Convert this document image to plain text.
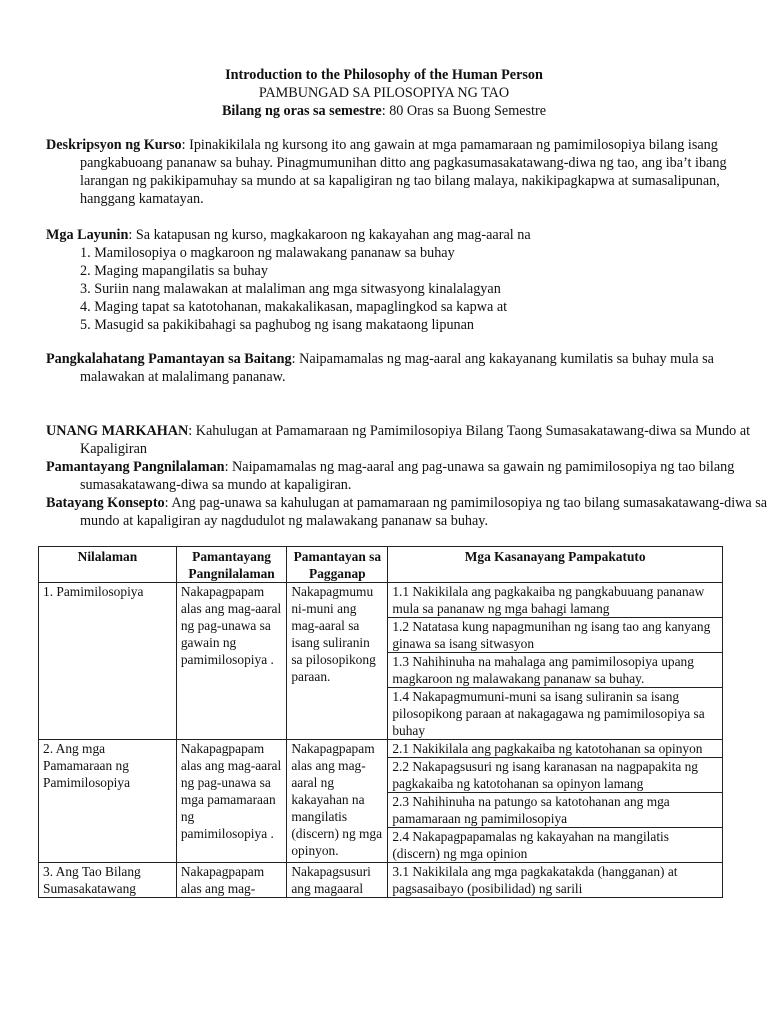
Introduction to the Philosophy of the Human Person
PAMBUNGAD SA PILOSOPIYA NG TAO
Bilang ng oras sa semestre: 80 Oras sa Buong Semestre
Deskripsyon ng Kurso: Ipinakikilala ng kursong ito ang gawain at mga pamamaraan ng pamimilosopiya bilang isang pangkabuoang pananaw sa buhay. Pinagmumunihan ditto ang pagkasumasakatawang-diwa ng tao, ang iba’t ibang larangan ng pakikipamuhay sa mundo at sa kapaligiran ng tao bilang malaya, nakikipagkapwa at sumasalipunan, hanggang kamatayan.
Mga Layunin: Sa katapusan ng kurso, magkakaroon ng kakayahan ang mag-aaral na
1. Mamilosopiya o magkaroon ng malawakang pananaw sa buhay
2. Maging mapangilatis sa buhay
3. Suriin nang malawakan at malaliman ang mga sitwasyong kinalalagyan
4. Maging tapat sa katotohanan, makakalikasan, mapaglingkod sa kapwa at
5. Masugid sa pakikibahagi sa paghubog ng isang makataong lipunan
Pangkalahatang Pamantayan sa Baitang: Naipamamalas ng mag-aaral ang kakayanang kumilatis sa buhay mula sa malawakan at malalimang pananaw.
UNANG MARKAHAN: Kahulugan at Pamamaraan ng Pamimilosopiya Bilang Taong Sumasakatawang-diwa sa Mundo at Kapaligiran
Pamantayang Pangnilalaman: Naipamamalas ng mag-aaral ang pag-unawa sa gawain ng pamimilosopiya ng tao bilang sumasakatawang-diwa sa mundo at kapaligiran.
Batayang Konsepto: Ang pag-unawa sa kahulugan at pamamaraan ng pamimilosopiya ng tao bilang sumasakatawang-diwa sa mundo at kapaligiran ay nagdudulot ng malawakang pananaw sa buhay.
Nilalaman	Pamantayang Pangnilalaman	Pamantayan sa Pagganap	Mga Kasanayang Pampakatuto
1. Pamimilosopiya	Nakapagpapam alas ang mag-aaral ng pag-unawa sa gawain ng pamimilosopiya .	Nakapagmumu ni-muni ang mag-aaral sa isang suliranin sa pilosopikong paraan.	1.1 Nakikilala ang pagkakaiba ng pangkabuuang pananaw mula sa pananaw ng mga bahagi lamang
			1.2 Natatasa kung napagmunihan ng isang tao ang kanyang ginawa sa isang sitwasyon
			1.3 Nahihinuha na mahalaga ang pamimilosopiya upang magkaroon ng malawakang pananaw sa buhay.
			1.4 Nakapagmumuni-muni sa isang suliranin sa isang pilosopikong paraan at nakagagawa ng pamimilosopiya sa buhay
2. Ang mga Pamamaraan ng Pamimilosopiya	Nakapagpapam alas ang mag-aaral ng pag-unawa sa mga pamamaraan ng pamimilosopiya .	Nakapagpapam alas ang mag-aaral ng kakayahan na mangilatis (discern) ng mga opinyon.	2.1 Nakikilala ang pagkakaiba ng katotohanan sa opinyon
			2.2 Nakapagsusuri ng isang karanasan na nagpapakita ng pagkakaiba ng katotohanan sa opinyon lamang
			2.3 Nahihinuha na patungo sa katotohanan ang mga pamamaraan ng pamimilosopiya
			2.4 Nakapagpapamalas ng kakayahan na mangilatis (discern) ng mga opinion
3. Ang Tao Bilang Sumasakatawang	Nakapagpapam alas ang mag-	Nakapagsusuri ang magaaral	3.1 Nakikilala ang mga pagkakatakda (hangganan) at pagsasaibayo (posibilidad) ng sarili
